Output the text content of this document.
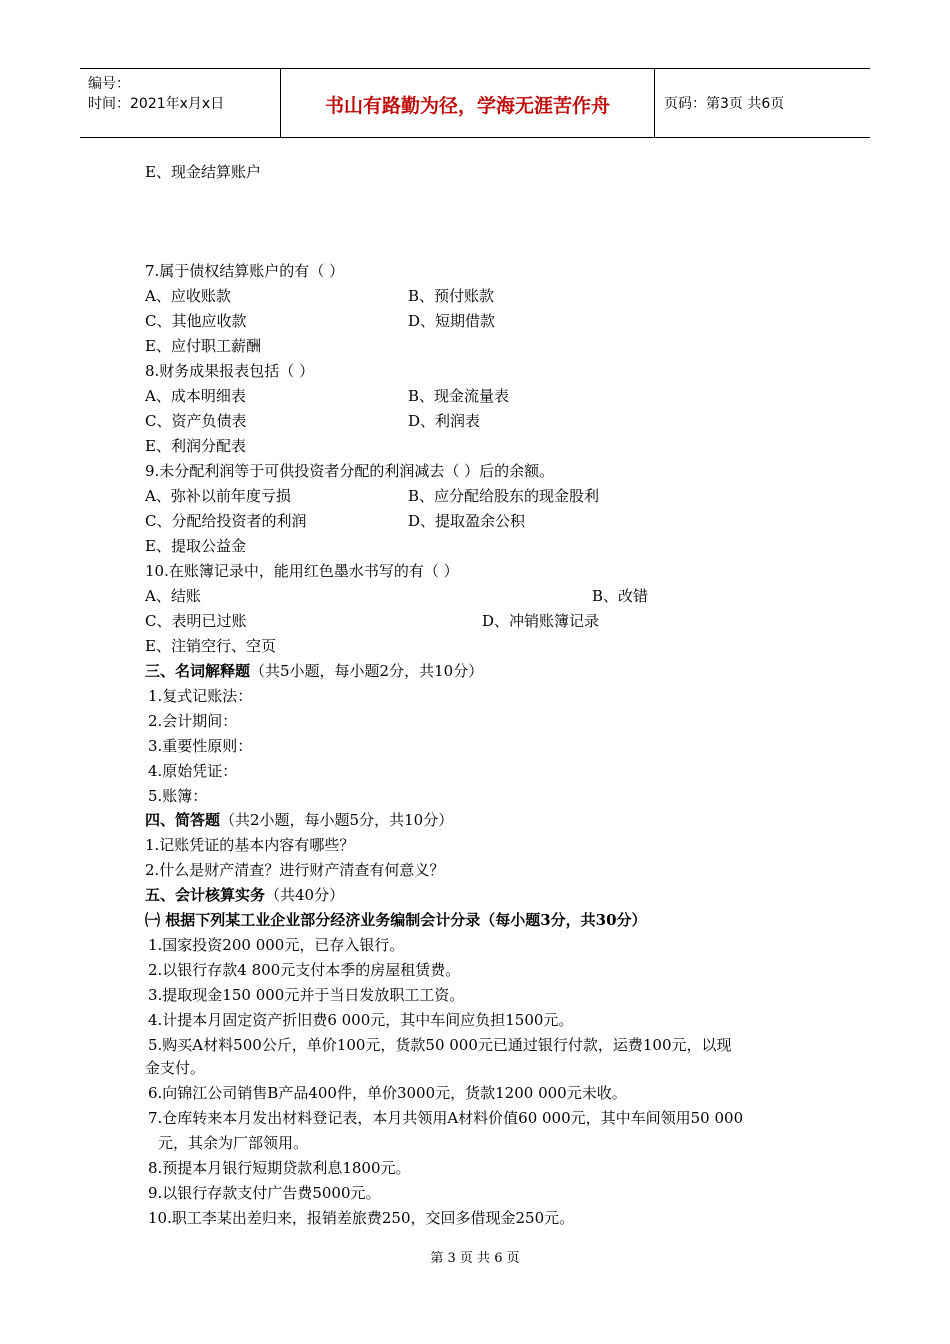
编号：
时间：2021年x月x日	书山有路勤为径，学海无涯苦作舟	页码：第3页 共6页
E、现金结算账户
7.属于债权结算账户的有（ ）
A、应收账款	B、预付账款
C、其他应收款	D、短期借款
E、应付职工薪酬
8.财务成果报表包括（ ）
A、成本明细表	B、现金流量表
C、资产负债表	D、利润表
E、利润分配表
9.未分配利润等于可供投资者分配的利润减去（ ）后的余额。
A、弥补以前年度亏损	B、应分配给股东的现金股利
C、分配给投资者的利润	D、提取盈余公积
E、提取公益金
10.在账簿记录中，能用红色墨水书写的有（ ）
A、结账	B、改错
C、表明已过账	D、冲销账簿记录
E、注销空行、空页
三、名词解释题（共5小题，每小题2分，共10分）
1.复式记账法：
2.会计期间：
3.重要性原则：
4.原始凭证：
5.账簿：
四、简答题（共2小题，每小题5分，共10分）
1.记账凭证的基本内容有哪些？
2.什么是财产清查？进行财产清查有何意义？
五、会计核算实务（共40分）
㈠ 根据下列某工业企业部分经济业务编制会计分录（每小题3分，共30分）
1.国家投资200 000元，已存入银行。
2.以银行存款4 800元支付本季的房屋租赁费。
3.提取现金150 000元并于当日发放职工工资。
4.计提本月固定资产折旧费6 000元，其中车间应负担1500元。
5.购买A材料500公斤，单价100元，货款50 000元已通过银行付款，运费100元，以现
金支付。
6.向锦江公司销售B产品400件，单价3000元，货款1200 000元未收。
7.仓库转来本月发出材料登记表，本月共领用A材料价值60 000元，其中车间领用50 000
元，其余为厂部领用。
8.预提本月银行短期贷款利息1800元。
9.以银行存款支付广告费5000元。
10.职工李某出差归来，报销差旅费250，交回多借现金250元。
第 3 页 共 6 页
